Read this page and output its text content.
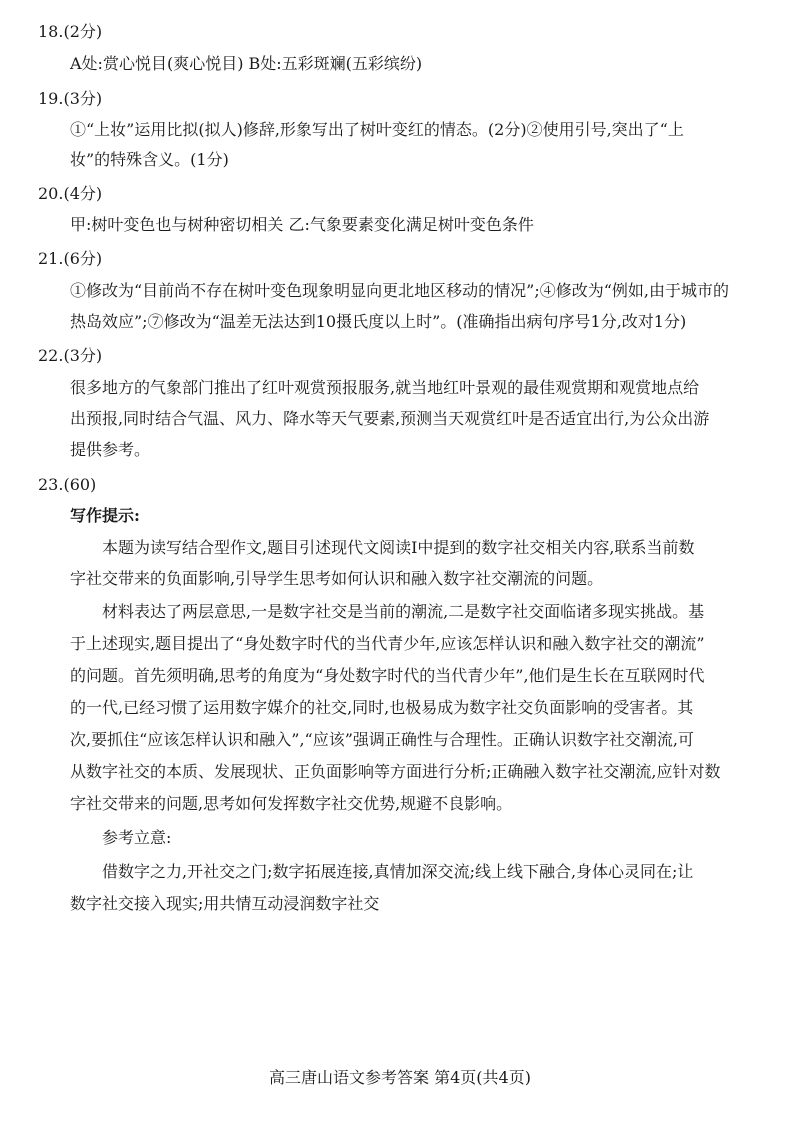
18.(2分)
A处:赏心悦目(爽心悦目) B处:五彩斑斓(五彩缤纷)
19.(3分)
①“上妆”运用比拟(拟人)修辞,形象写出了树叶变红的情态。(2分)②使用引号,突出了“上
妆”的特殊含义。(1分)
20.(4分)
甲:树叶变色也与树种密切相关 乙:气象要素变化满足树叶变色条件
21.(6分)
①修改为“目前尚不存在树叶变色现象明显向更北地区移动的情况”;④修改为“例如,由于城市的
热岛效应”;⑦修改为“温差无法达到10摄氏度以上时”。(准确指出病句序号1分,改对1分)
22.(3分)
很多地方的气象部门推出了红叶观赏预报服务,就当地红叶景观的最佳观赏期和观赏地点给
出预报,同时结合气温、风力、降水等天气要素,预测当天观赏红叶是否适宜出行,为公众出游
提供参考。
23.(60)
写作提示:
本题为读写结合型作文,题目引述现代文阅读Ⅰ中提到的数字社交相关内容,联系当前数
字社交带来的负面影响,引导学生思考如何认识和融入数字社交潮流的问题。
材料表达了两层意思,一是数字社交是当前的潮流,二是数字社交面临诸多现实挑战。基
于上述现实,题目提出了“身处数字时代的当代青少年,应该怎样认识和融入数字社交的潮流”
的问题。首先须明确,思考的角度为“身处数字时代的当代青少年”,他们是生长在互联网时代
的一代,已经习惯了运用数字媒介的社交,同时,也极易成为数字社交负面影响的受害者。其
次,要抓住“应该怎样认识和融入”,“应该”强调正确性与合理性。正确认识数字社交潮流,可
从数字社交的本质、发展现状、正负面影响等方面进行分析;正确融入数字社交潮流,应针对数
字社交带来的问题,思考如何发挥数字社交优势,规避不良影响。
参考立意:
借数字之力,开社交之门;数字拓展连接,真情加深交流;线上线下融合,身体心灵同在;让
数字社交接入现实;用共情互动浸润数字社交
高三唐山语文参考答案 第4页(共4页)
